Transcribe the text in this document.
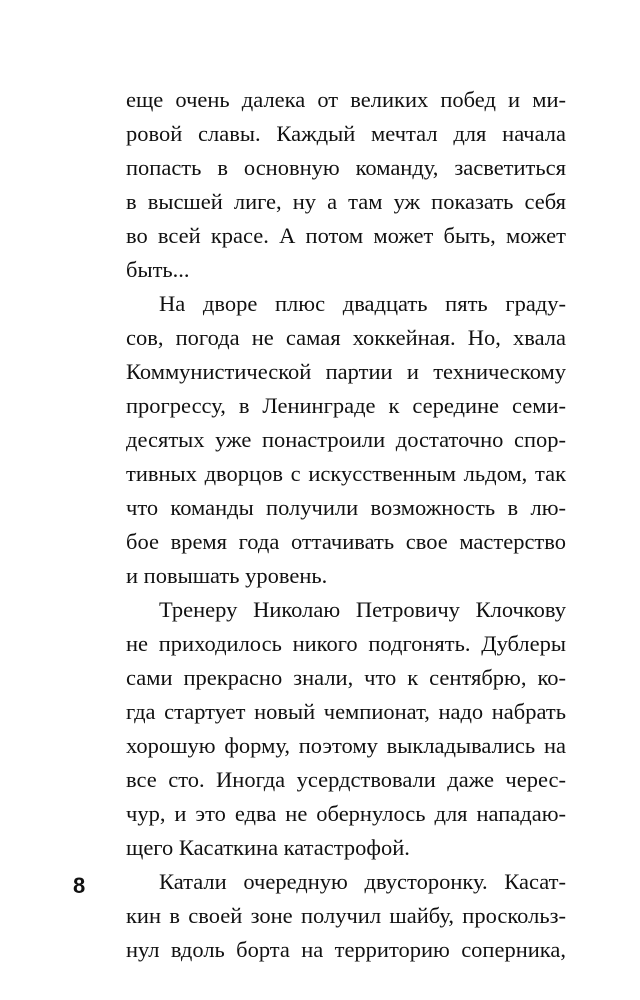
еще очень далека от великих побед и ми-
ровой славы. Каждый мечтал для начала
попасть в основную команду, засветиться
в высшей лиге, ну а там уж показать себя
во всей красе. А потом может быть, может
быть...
На дворе плюс двадцать пять граду-
сов, погода не самая хоккейная. Но, хвала
Коммунистической партии и техническому
прогрессу, в Ленинграде к середине семи-
десятых уже понастроили достаточно спор-
тивных дворцов с искусственным льдом, так
что команды получили возможность в лю-
бое время года оттачивать свое мастерство
и повышать уровень.
Тренеру Николаю Петровичу Клочкову
не приходилось никого подгонять. Дублеры
сами прекрасно знали, что к сентябрю, ко-
гда стартует новый чемпионат, надо набрать
хорошую форму, поэтому выкладывались на
все сто. Иногда усердствовали даже черес-
чур, и это едва не обернулось для нападаю-
щего Касаткина катастрофой.
Катали очередную двусторонку. Касат-
кин в своей зоне получил шайбу, проскольз-
нул вдоль борта на территорию соперника,
8
